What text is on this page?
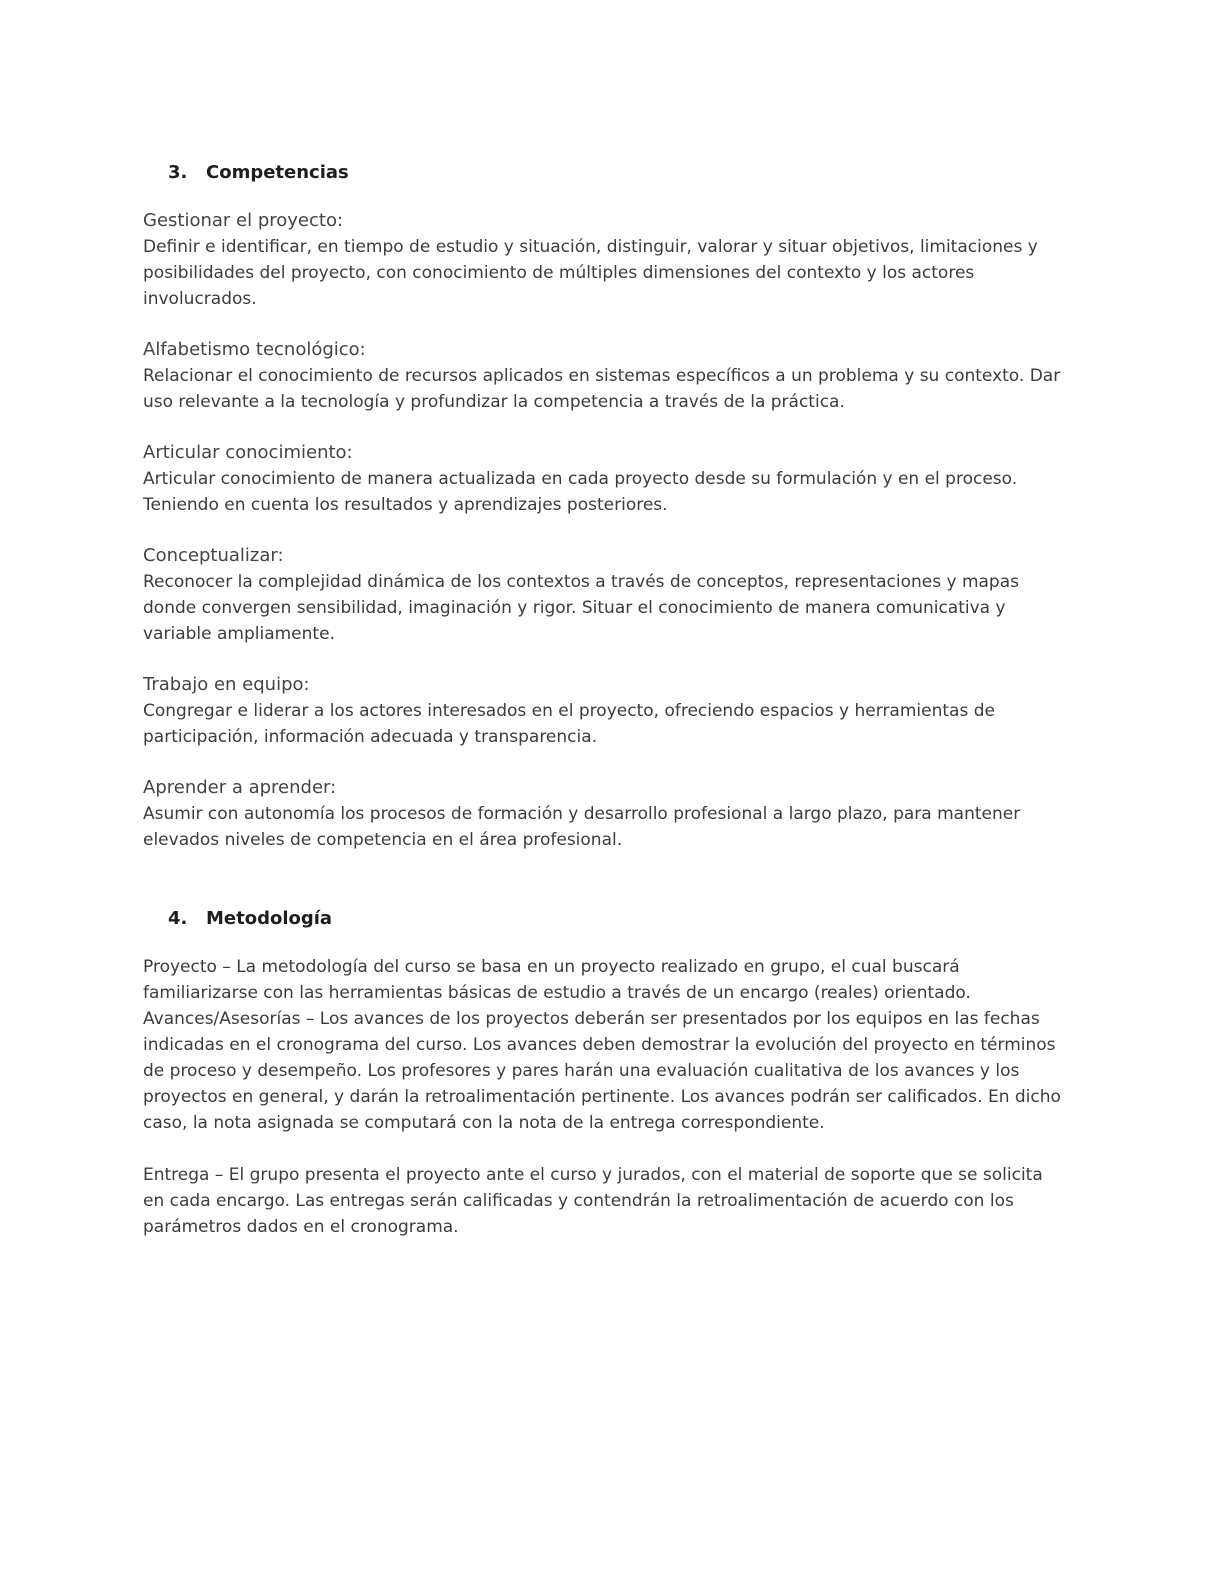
3. Competencias

Gestionar el proyecto:

Definir e identificar, en tiempo de estudio y situación, distinguir, valorar y situar objetivos, limitaciones y posibilidades del proyecto, con conocimiento de múltiples dimensiones del contexto y los actores involucrados.

Alfabetismo tecnológico:

Relacionar el conocimiento de recursos aplicados en sistemas específicos a un problema y su contexto. Dar uso relevante a la tecnología y profundizar la competencia a través de la práctica.

Articular conocimiento:

Articular conocimiento de manera actualizada en cada proyecto desde su formulación y en el proceso. Teniendo en cuenta los resultados y aprendizajes posteriores.

Conceptualizar:

Reconocer la complejidad dinámica de los contextos a través de conceptos, representaciones y mapas donde convergen sensibilidad, imaginación y rigor. Situar el conocimiento de manera comunicativa y variable ampliamente.

Trabajo en equipo:

Congregar e liderar a los actores interesados en el proyecto, ofreciendo espacios y herramientas de participación, información adecuada y transparencia.

Aprender a aprender:

Asumir con autonomía los procesos de formación y desarrollo profesional a largo plazo, para mantener elevados niveles de competencia en el área profesional.

4. Metodología

Proyecto – La metodología del curso se basa en un proyecto realizado en grupo, el cual buscará familiarizarse con las herramientas básicas de estudio a través de un encargo (reales) orientado. Avances/Asesorías – Los avances de los proyectos deberán ser presentados por los equipos en las fechas indicadas en el cronograma del curso. Los avances deben demostrar la evolución del proyecto en términos de proceso y desempeño. Los profesores y pares harán una evaluación cualitativa de los avances y los proyectos en general, y darán la retroalimentación pertinente. Los avances podrán ser calificados. En dicho caso, la nota asignada se computará con la nota de la entrega correspondiente.

Entrega – El grupo presenta el proyecto ante el curso y jurados, con el material de soporte que se solicita en cada encargo. Las entregas serán calificadas y contendrán la retroalimentación de acuerdo con los parámetros dados en el cronograma.
